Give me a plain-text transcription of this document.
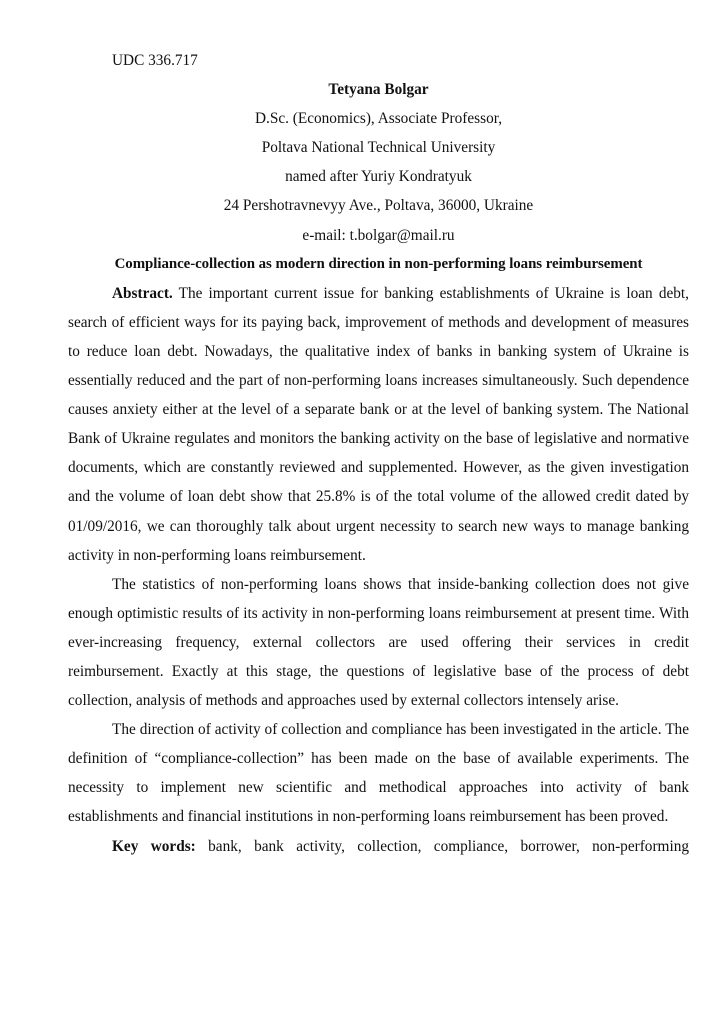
UDC 336.717
Tetyana Bolgar
D.Sc. (Economics), Associate Professor,
Poltava National Technical University
named after Yuriy Kondratyuk
24 Pershotravnevyy Ave., Poltava, 36000, Ukraine
e-mail: t.bolgar@mail.ru
Compliance-collection as modern direction in non-performing loans reimbursement

Abstract. The important current issue for banking establishments of Ukraine is loan debt, search of efficient ways for its paying back, improvement of methods and development of measures to reduce loan debt. Nowadays, the qualitative index of banks in banking system of Ukraine is essentially reduced and the part of non-performing loans increases simultaneously. Such dependence causes anxiety either at the level of a separate bank or at the level of banking system. The National Bank of Ukraine regulates and monitors the banking activity on the base of legislative and normative documents, which are constantly reviewed and supplemented. However, as the given investigation and the volume of loan debt show that 25.8% is of the total volume of the allowed credit dated by 01/09/2016, we can thoroughly talk about urgent necessity to search new ways to manage banking activity in non-performing loans reimbursement.

The statistics of non-performing loans shows that inside-banking collection does not give enough optimistic results of its activity in non-performing loans reimbursement at present time. With ever-increasing frequency, external collectors are used offering their services in credit reimbursement. Exactly at this stage, the questions of legislative base of the process of debt collection, analysis of methods and approaches used by external collectors intensely arise.

The direction of activity of collection and compliance has been investigated in the article. The definition of “compliance-collection” has been made on the base of available experiments. The necessity to implement new scientific and methodical approaches into activity of bank establishments and financial institutions in non-performing loans reimbursement has been proved.

Key words: bank, bank activity, collection, compliance, borrower, non-performing
